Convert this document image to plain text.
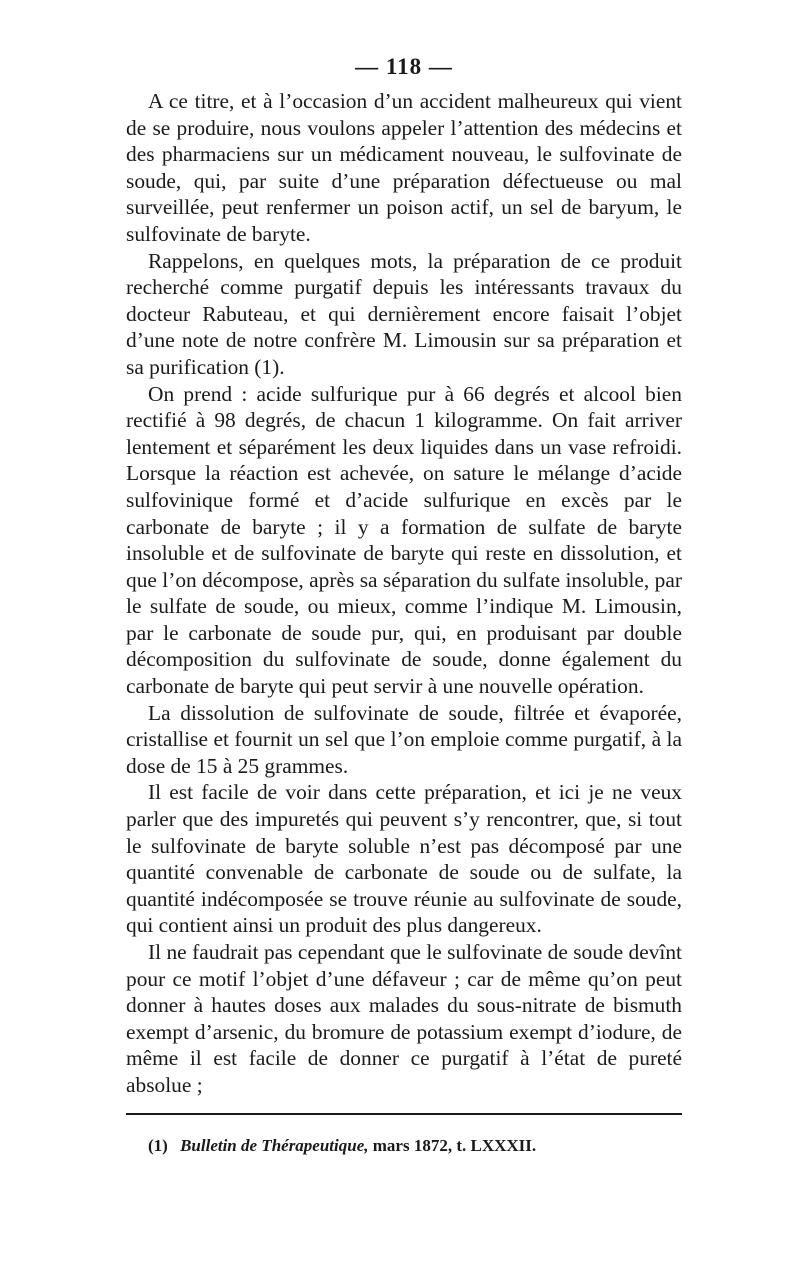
— 118 —

A ce titre, et à l’occasion d’un accident malheureux qui vient de se produire, nous voulons appeler l’attention des médecins et des pharmaciens sur un médicament nouveau, le sulfovinate de soude, qui, par suite d’une préparation défectueuse ou mal surveillée, peut renfermer un poison actif, un sel de baryum, le sulfovinate de baryte.

Rappelons, en quelques mots, la préparation de ce produit recherché comme purgatif depuis les intéressants travaux du docteur Rabuteau, et qui dernièrement encore faisait l’objet d’une note de notre confrère M. Limousin sur sa préparation et sa purification (1).

On prend : acide sulfurique pur à 66 degrés et alcool bien rectifié à 98 degrés, de chacun 1 kilogramme. On fait arriver lentement et séparément les deux liquides dans un vase refroidi. Lorsque la réaction est achevée, on sature le mélange d’acide sulfovinique formé et d’acide sulfurique en excès par le carbonate de baryte ; il y a formation de sulfate de baryte insoluble et de sulfovinate de baryte qui reste en dissolution, et que l’on décompose, après sa séparation du sulfate insoluble, par le sulfate de soude, ou mieux, comme l’indique M. Limousin, par le carbonate de soude pur, qui, en produisant par double décomposition du sulfovinate de soude, donne également du carbonate de baryte qui peut servir à une nouvelle opération.

La dissolution de sulfovinate de soude, filtrée et évaporée, cristallise et fournit un sel que l’on emploie comme purgatif, à la dose de 15 à 25 grammes.

Il est facile de voir dans cette préparation, et ici je ne veux parler que des impuretés qui peuvent s’y rencontrer, que, si tout le sulfovinate de baryte soluble n’est pas décomposé par une quantité convenable de carbonate de soude ou de sulfate, la quantité indécomposée se trouve réunie au sulfovinate de soude, qui contient ainsi un produit des plus dangereux.

Il ne faudrait pas cependant que le sulfovinate de soude devînt pour ce motif l’objet d’une défaveur ; car de même qu’on peut donner à hautes doses aux malades du sous-nitrate de bismuth exempt d’arsenic, du bromure de potassium exempt d’iodure, de même il est facile de donner ce purgatif à l’état de pureté absolue ;

(1) Bulletin de Thérapeutique, mars 1872, t. LXXXII.
